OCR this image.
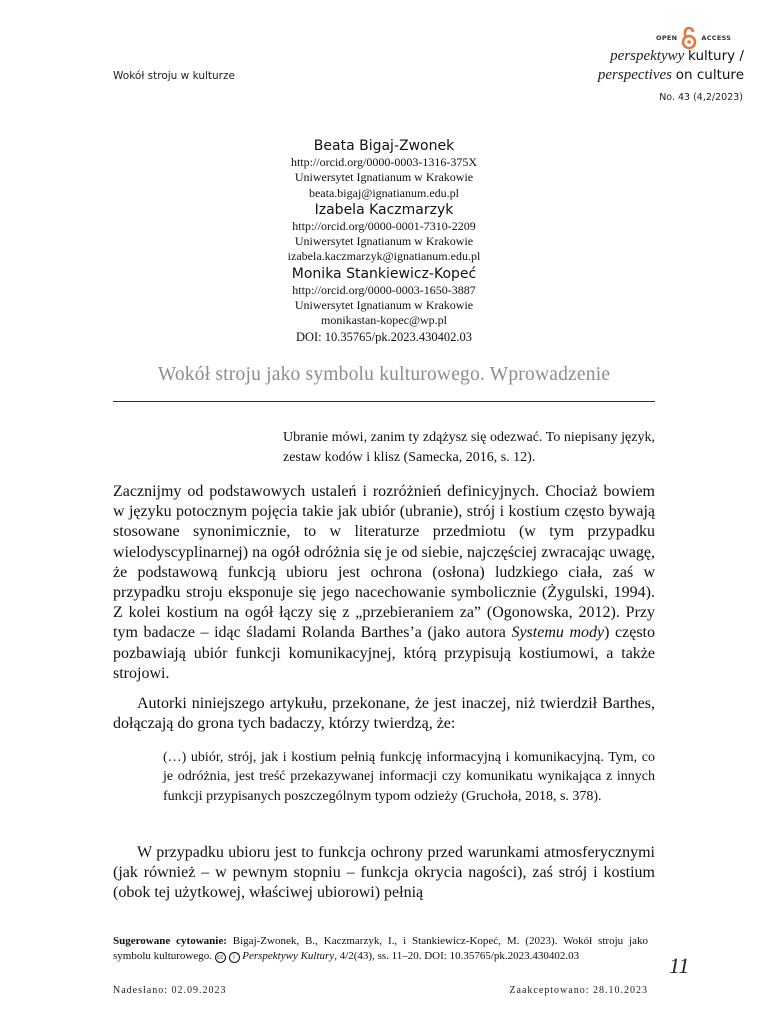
Wokół stroju w kulturze
OPEN	ACCESS
perspektywy kultury /
perspectives on culture
No. 43 (4,2/2023)
Beata Bigaj-Zwonek
http://orcid.org/0000-0003-1316-375X
Uniwersytet Ignatianum w Krakowie
beata.bigaj@ignatianum.edu.pl
Izabela Kaczmarzyk
http://orcid.org/0000-0001-7310-2209
Uniwersytet Ignatianum w Krakowie
izabela.kaczmarzyk@ignatianum.edu.pl
Monika Stankiewicz-Kopeć
http://orcid.org/0000-0003-1650-3887
Uniwersytet Ignatianum w Krakowie
monikastan-kopec@wp.pl
DOI: 10.35765/pk.2023.430402.03
Wokół stroju jako symbolu kulturowego. Wprowadzenie
Ubranie mówi, zanim ty zdążysz się odezwać. To niepisany język, zestaw kodów i klisz (Samecka, 2016, s. 12).
Zacznijmy od podstawowych ustaleń i rozróżnień definicyjnych. Chociaż bowiem w języku potocznym pojęcia takie jak ubiór (ubranie), strój i kostium często bywają stosowane synonimicznie, to w literaturze przedmiotu (w tym przypadku wielodyscyplinarnej) na ogół odróżnia się je od siebie, najczęściej zwracając uwagę, że podstawową funkcją ubioru jest ochrona (osłona) ludzkiego ciała, zaś w przypadku stroju eksponuje się jego nacechowanie symbolicznie (Żygulski, 1994). Z kolei kostium na ogół łączy się z „przebieraniem za” (Ogonowska, 2012). Przy tym badacze – idąc śladami Rolanda Barthes’a (jako autora Systemu mody) często pozbawiają ubiór funkcji komunikacyjnej, którą przypisują kostiumowi, a także strojowi.
Autorki niniejszego artykułu, przekonane, że jest inaczej, niż twierdził Barthes, dołączają do grona tych badaczy, którzy twierdzą, że:
(…) ubiór, strój, jak i kostium pełnią funkcję informacyjną i komunikacyjną. Tym, co je odróżnia, jest treść przekazywanej informacji czy komunikatu wynikająca z innych funkcji przypisanych poszczególnym typom odzieży (Gruchoła, 2018, s. 378).
W przypadku ubioru jest to funkcja ochrony przed warunkami atmosferycznymi (jak również – w pewnym stopniu – funkcja okrycia nagości), zaś strój i kostium (obok tej użytkowej, właściwej ubiorowi) pełnią
Sugerowane cytowanie: Bigaj-Zwonek, B., Kaczmarzyk, I., i Stankiewicz-Kopeć, M. (2023). Wokół stroju jako symbolu kulturowego. cc i Perspektywy Kultury, 4/2(43), ss. 11–20. DOI: 10.35765/pk.2023.430402.03	11
Nadesłano: 02.09.2023	Zaakceptowano: 28.10.2023
